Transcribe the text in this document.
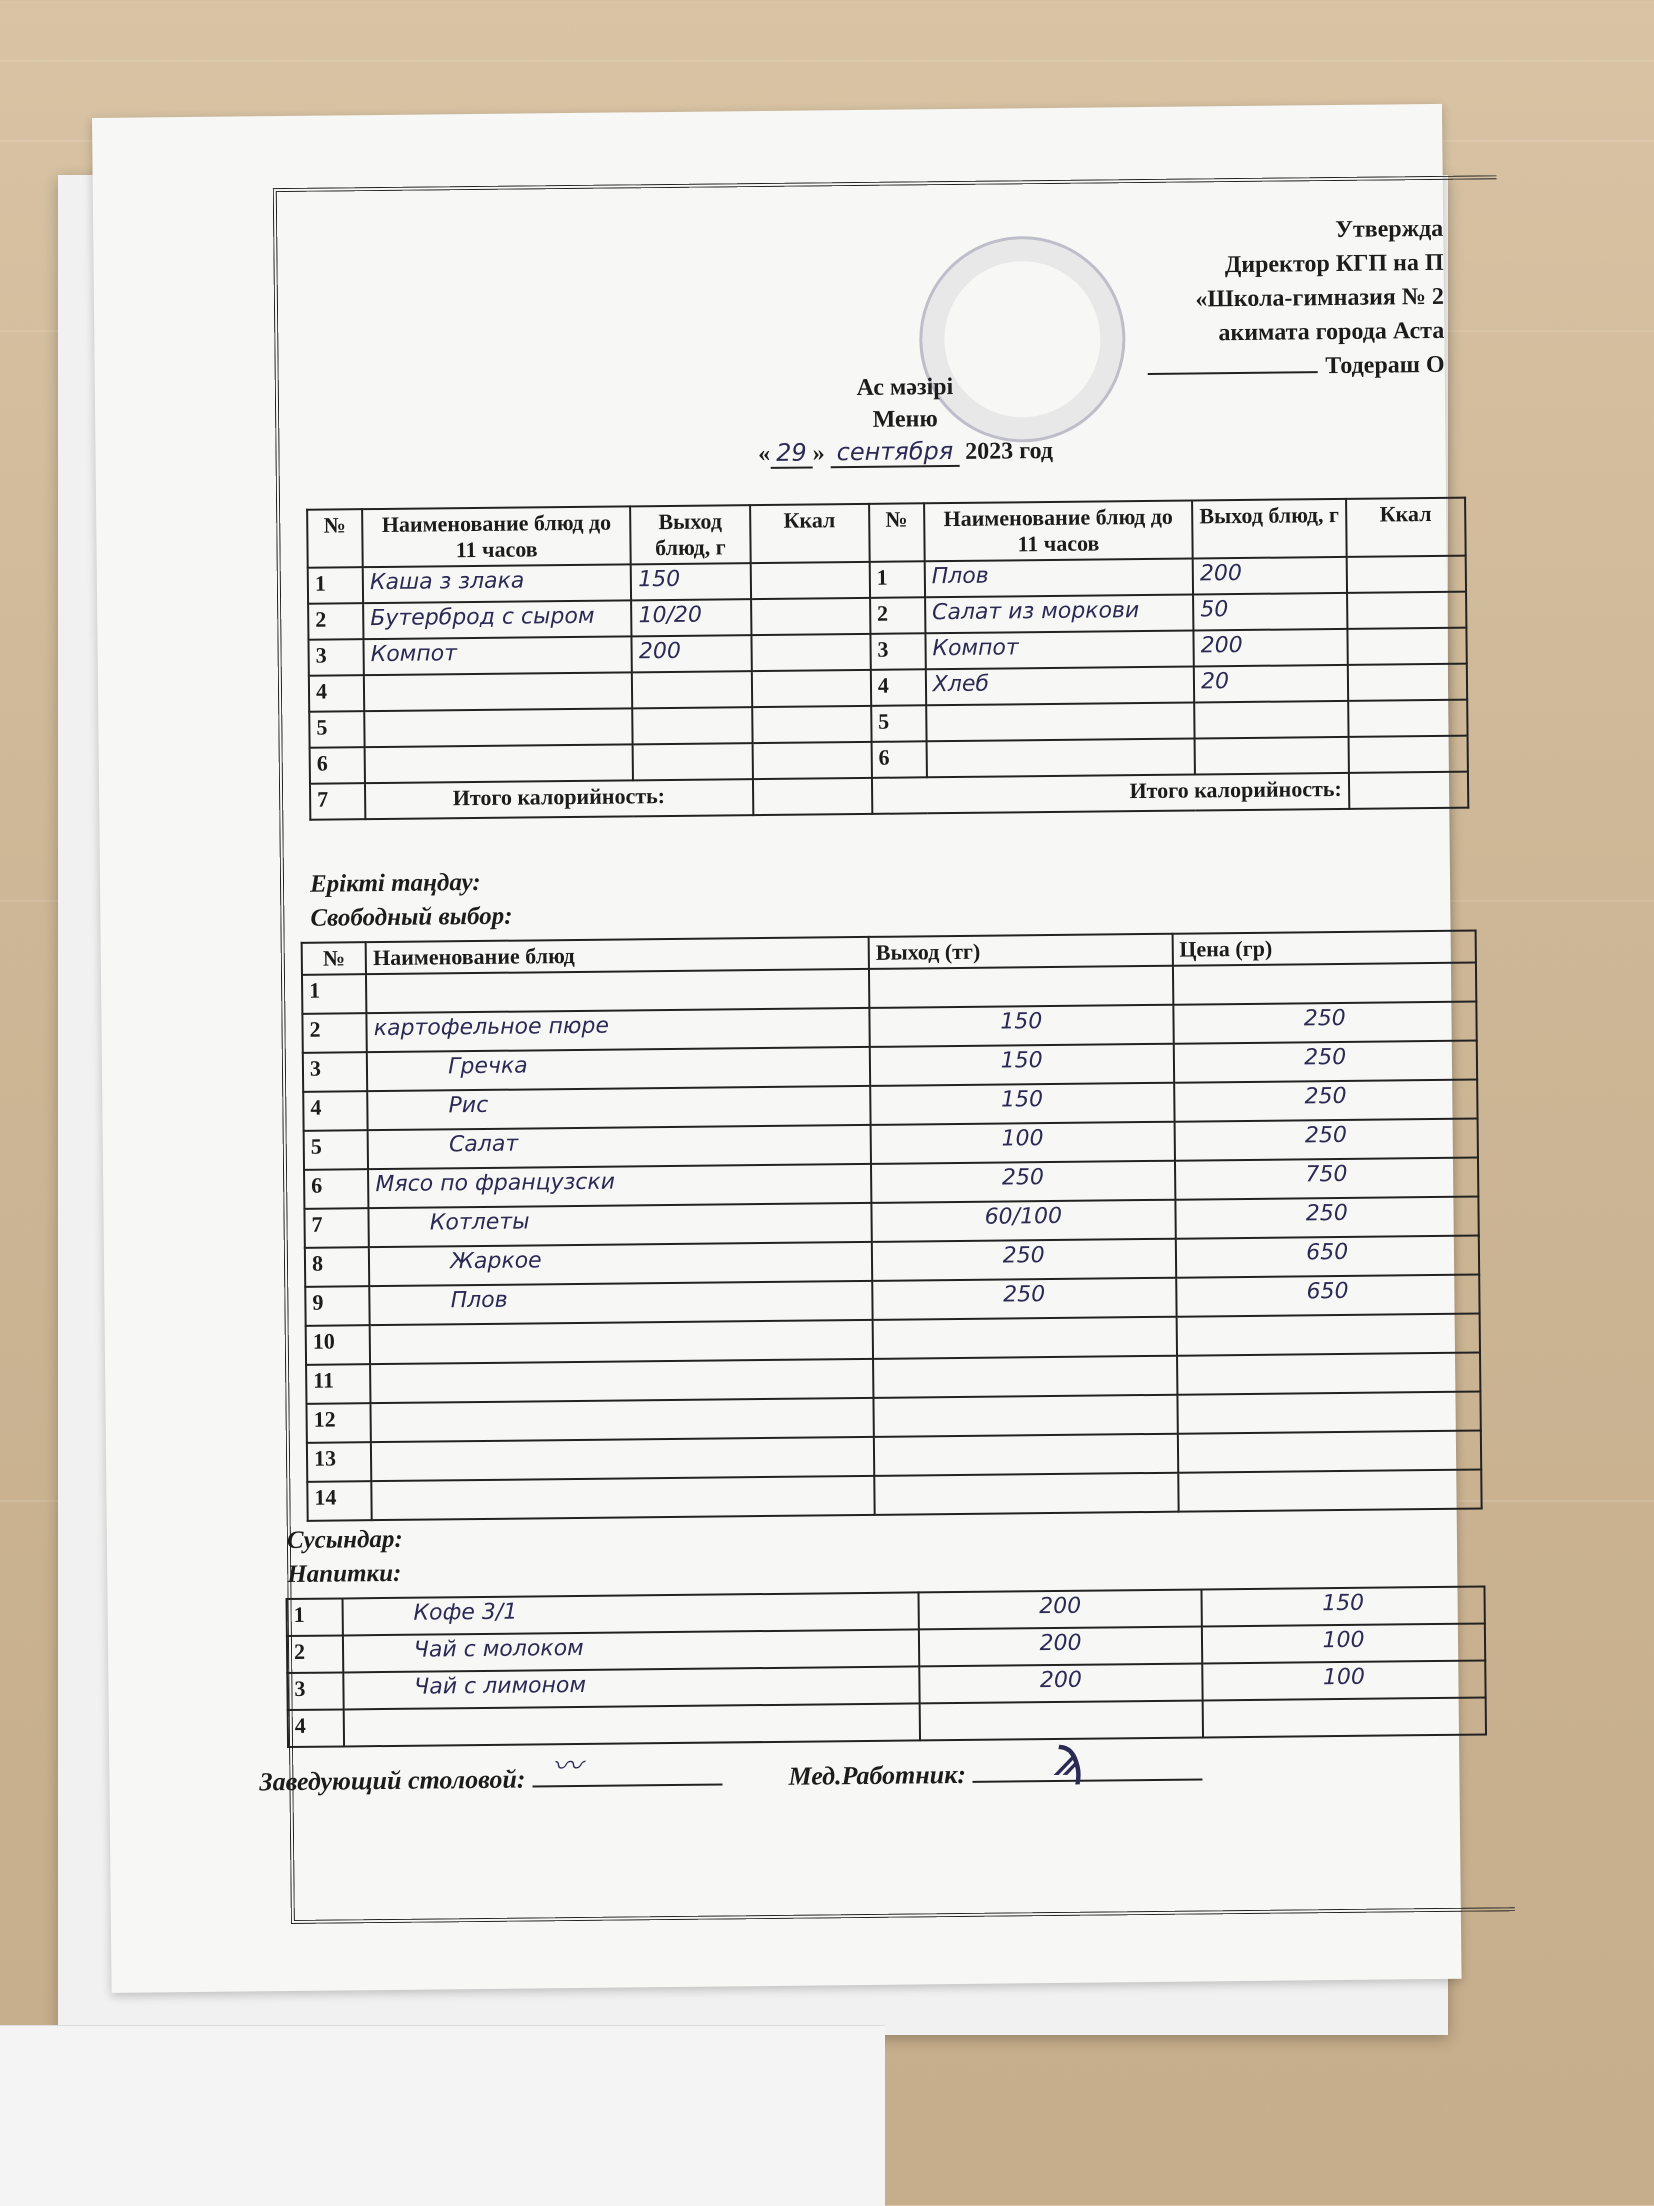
Утвержда
Директор КГП на П
«Школа-гимназия № 2
акимата города Аста
Тодераш О
Ас мәзірі
Меню
« 29 » сентября 2023 год
№	Наименование блюд до 11 часов	Выход блюд, г	Ккал	№	Наименование блюд до 11 часов	Выход блюд, г	Ккал
1	Каша з злака	150		1	Плов	200	
2	Бутерброд с сыром	10/20		2	Салат из моркови	50	
3	Компот	200		3	Компот	200	
4				4	Хлеб	20	
5				5			
6				6			
7	Итого калорийность:			Итого калорийность:			
Ерікті таңдау:
Свободный выбор:
№	Наименование блюд	Выход (тг)	Цена (гр)
1			
2	картофельное пюре	150	250
3	Гречка	150	250
4	Рис	150	250
5	Салат	100	250
6	Мясо по французски	250	750
7	Котлеты	60/100	250
8	Жаркое	250	650
9	Плов	250	650
10			
11			
12			
13			
14			
Сусындар:
Напитки:
1	Кофе 3/1	200	150
2	Чай с молоком	200	100
3	Чай с лимоном	200	100
4			
Заведующий столовой: 〰	Мед.Работник: ϡ
